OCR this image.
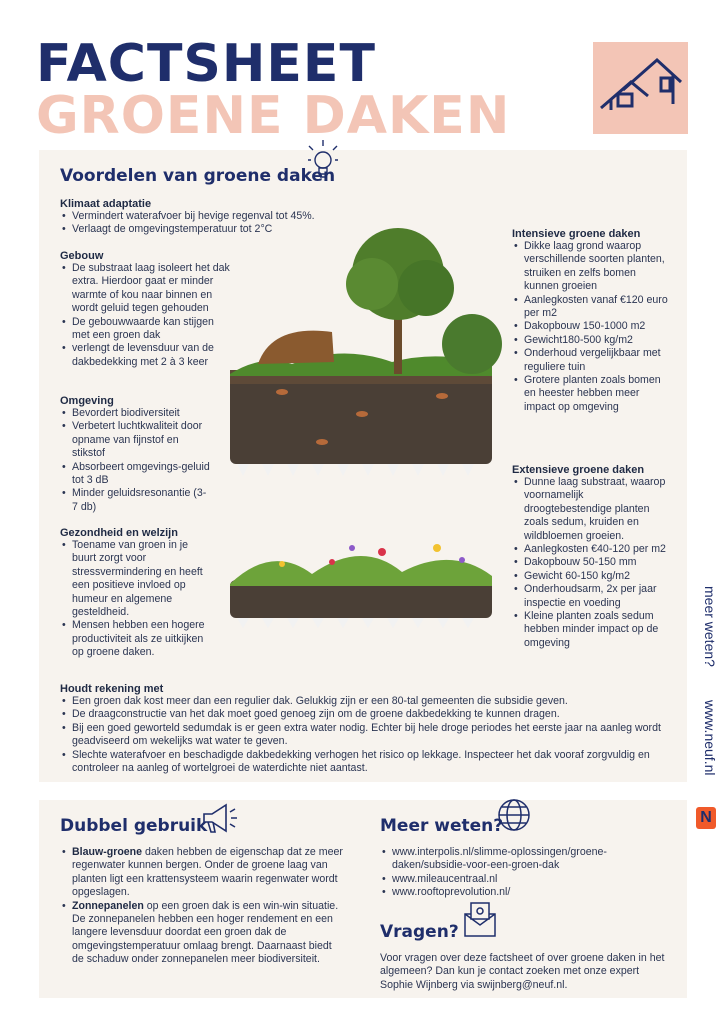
FACTSHEET
GROENE DAKEN
Voordelen van groene daken
Klimaat adaptatie
• Vermindert waterafvoer bij hevige regenval tot 45%.
• Verlaagt de omgevingstemperatuur tot 2°C
Gebouw
• De substraat laag isoleert het dak extra. Hierdoor gaat er minder warmte of kou naar binnen en wordt geluid tegen gehouden
• De gebouwwaarde kan stijgen met een groen dak
• verlengt de levensduur van de dakbedekking met 2 à 3 keer
Omgeving
• Bevordert biodiversiteit
• Verbetert luchtkwaliteit door opname van fijnstof en stikstof
• Absorbeert omgevings-geluid tot 3 dB
• Minder geluidsresonantie (3-7 db)
Gezondheid en welzijn
• Toename van groen in je buurt zorgt voor stressvermindering en heeft een positieve invloed op humeur en algemene gesteldheid.
• Mensen hebben een hogere productiviteit als ze uitkijken op groene daken.
Intensieve groene daken
• Dikke laag grond waarop verschillende soorten planten, struiken en zelfs bomen kunnen groeien
• Aanlegkosten vanaf €120 euro per m2
• Dakopbouw 150-1000 m2
• Gewicht180-500 kg/m2
• Onderhoud vergelijkbaar met reguliere tuin
• Grotere planten zoals bomen en heester hebben meer impact op omgeving
Extensieve groene daken
• Dunne laag substraat, waarop voornamelijk droogtebestendige planten zoals sedum, kruiden en wildbloemen groeien.
• Aanlegkosten €40-120 per m2
• Dakopbouw 50-150 mm
• Gewicht 60-150 kg/m2
• Onderhoudsarm, 2x per jaar inspectie en voeding
• Kleine planten zoals sedum hebben minder impact op de omgeving
Houdt rekening met
• Een groen dak kost meer dan een regulier dak. Gelukkig zijn er een 80-tal gemeenten die subsidie geven.
• De draagconstructie van het dak moet goed genoeg zijn om de groene dakbedekking te kunnen dragen.
• Bij een goed geworteld sedumdak is er geen extra water nodig. Echter bij hele droge periodes het eerste jaar na aanleg wordt geadviseerd om wekelijks wat water te geven.
• Slechte waterafvoer en beschadigde dakbedekking verhogen het risico op lekkage. Inspecteer het dak vooraf zorgvuldig en controleer na aanleg of wortelgroei de waterdichte niet aantast.
Dubbel gebruik
• Blauw-groene daken hebben de eigenschap dat ze meer regenwater kunnen bergen. Onder de groene laag van planten ligt een krattensysteem waarin regenwater wordt opgeslagen.
• Zonnepanelen op een groen dak is een win-win situatie. De zonnepanelen hebben een hoger rendement en een langere levensduur doordat een groen dak de omgevingstemperatuur omlaag brengt. Daarnaast biedt de schaduw onder zonnepanelen meer biodiversiteit.
Meer weten?
• www.interpolis.nl/slimme-oplossingen/groene-daken/subsidie-voor-een-groen-dak
• www.mileaucentraal.nl
• www.rooftoprevolution.nl/
Vragen?
Voor vragen over deze factsheet of over groene daken in het algemeen? Dan kun je contact zoeken met onze expert Sophie Wijnberg via swijnberg@neuf.nl.
meer weten?
www.neuf.nl
N
